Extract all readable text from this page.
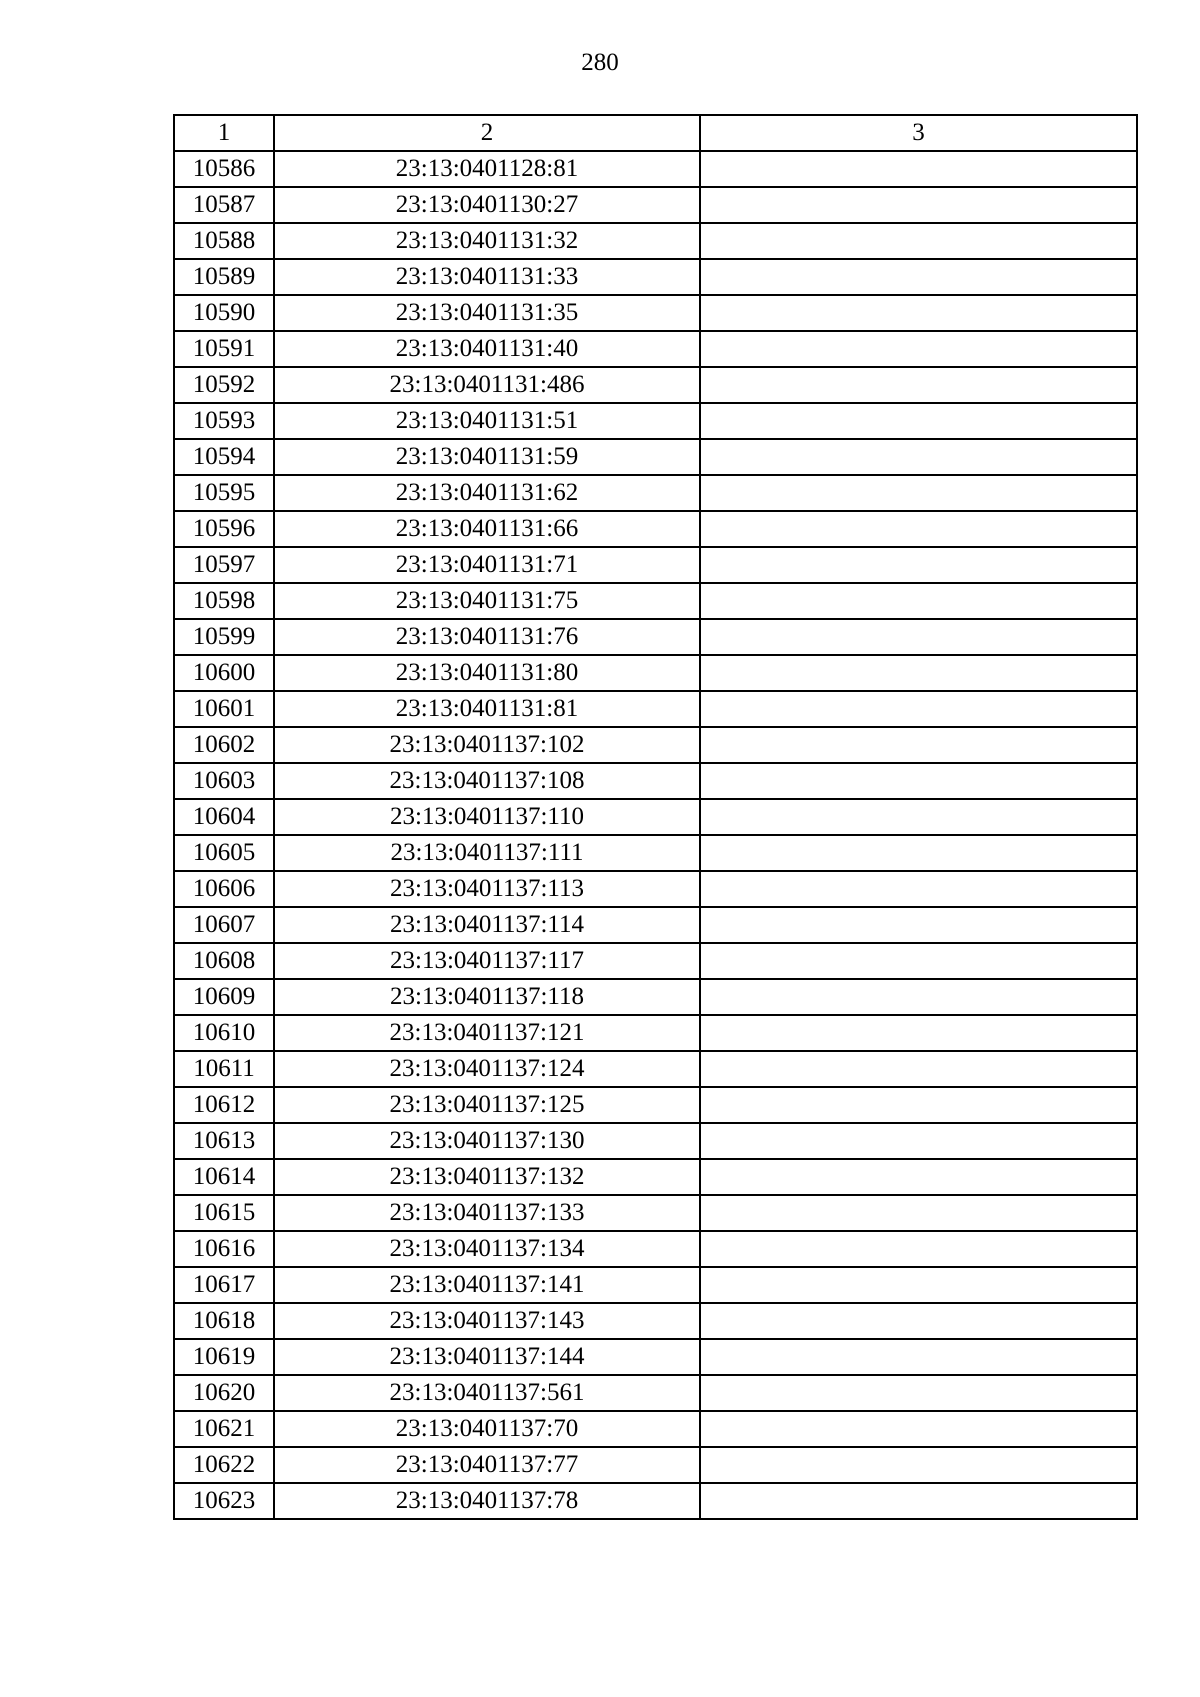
280
1	2	3
10586	23:13:0401128:81	
10587	23:13:0401130:27	
10588	23:13:0401131:32	
10589	23:13:0401131:33	
10590	23:13:0401131:35	
10591	23:13:0401131:40	
10592	23:13:0401131:486	
10593	23:13:0401131:51	
10594	23:13:0401131:59	
10595	23:13:0401131:62	
10596	23:13:0401131:66	
10597	23:13:0401131:71	
10598	23:13:0401131:75	
10599	23:13:0401131:76	
10600	23:13:0401131:80	
10601	23:13:0401131:81	
10602	23:13:0401137:102	
10603	23:13:0401137:108	
10604	23:13:0401137:110	
10605	23:13:0401137:111	
10606	23:13:0401137:113	
10607	23:13:0401137:114	
10608	23:13:0401137:117	
10609	23:13:0401137:118	
10610	23:13:0401137:121	
10611	23:13:0401137:124	
10612	23:13:0401137:125	
10613	23:13:0401137:130	
10614	23:13:0401137:132	
10615	23:13:0401137:133	
10616	23:13:0401137:134	
10617	23:13:0401137:141	
10618	23:13:0401137:143	
10619	23:13:0401137:144	
10620	23:13:0401137:561	
10621	23:13:0401137:70	
10622	23:13:0401137:77	
10623	23:13:0401137:78	
